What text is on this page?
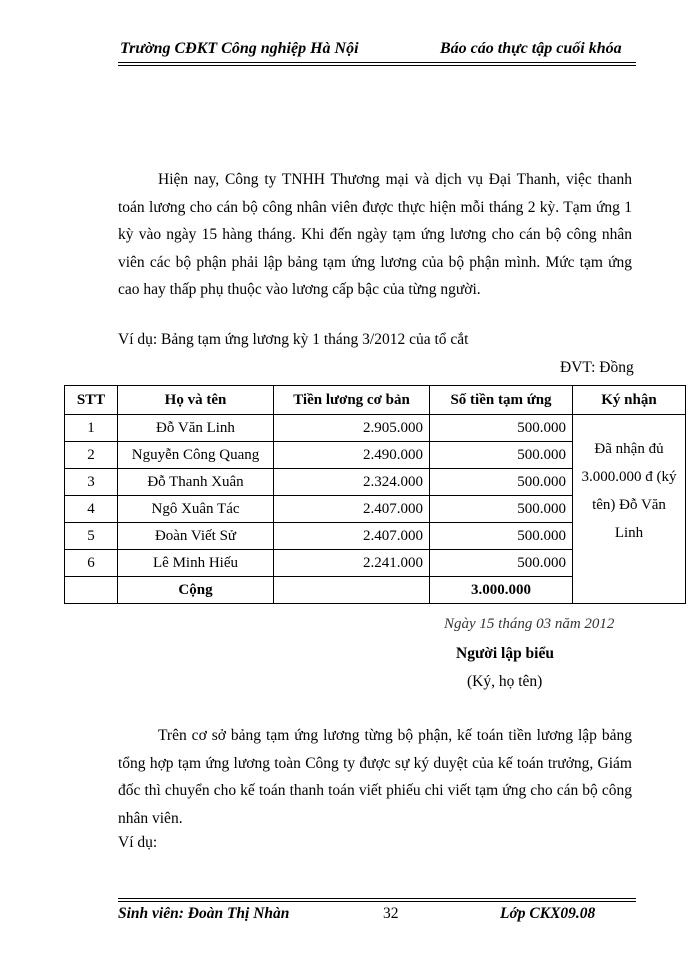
Trường CĐKT Công nghiệp Hà Nội	Báo cáo thực tập cuối khóa
Hiện nay, Công ty TNHH Thương mại và dịch vụ Đại Thanh, việc thanh toán lương cho cán bộ công nhân viên được thực hiện mỗi tháng 2 kỳ. Tạm ứng 1 kỳ vào ngày 15 hàng tháng. Khi đến ngày tạm ứng lương cho cán bộ công nhân viên các bộ phận phải lập bảng tạm ứng lương của bộ phận mình. Mức tạm ứng cao hay thấp phụ thuộc vào lương cấp bậc của từng người.
Ví dụ: Bảng tạm ứng lương kỳ 1 tháng 3/2012 của tổ cắt
ĐVT: Đồng
STT	Họ và tên	Tiền lương cơ bản	Số tiền tạm ứng	Ký nhận
1	Đỗ Văn Linh	2.905.000	500.000	Đã nhận đủ 3.000.000 đ (ký tên) Đỗ Văn Linh
2	Nguyễn Công Quang	2.490.000	500.000	
3	Đỗ Thanh Xuân	2.324.000	500.000	
4	Ngô Xuân Tác	2.407.000	500.000	
5	Đoàn Viết Sử	2.407.000	500.000	
6	Lê Minh Hiếu	2.241.000	500.000	
	Cộng		3.000.000	
Ngày 15 tháng 03 năm 2012
Người lập biểu
(Ký, họ tên)
Trên cơ sở bảng tạm ứng lương từng bộ phận, kế toán tiền lương lập bảng tổng hợp tạm ứng lương toàn Công ty được sự ký duyệt của kế toán trưởng, Giám đốc thì chuyển cho kế toán thanh toán viết phiếu chi viết tạm ứng cho cán bộ công nhân viên.
Ví dụ:
Sinh viên: Đoàn Thị Nhàn	32	Lớp CKX09.08
